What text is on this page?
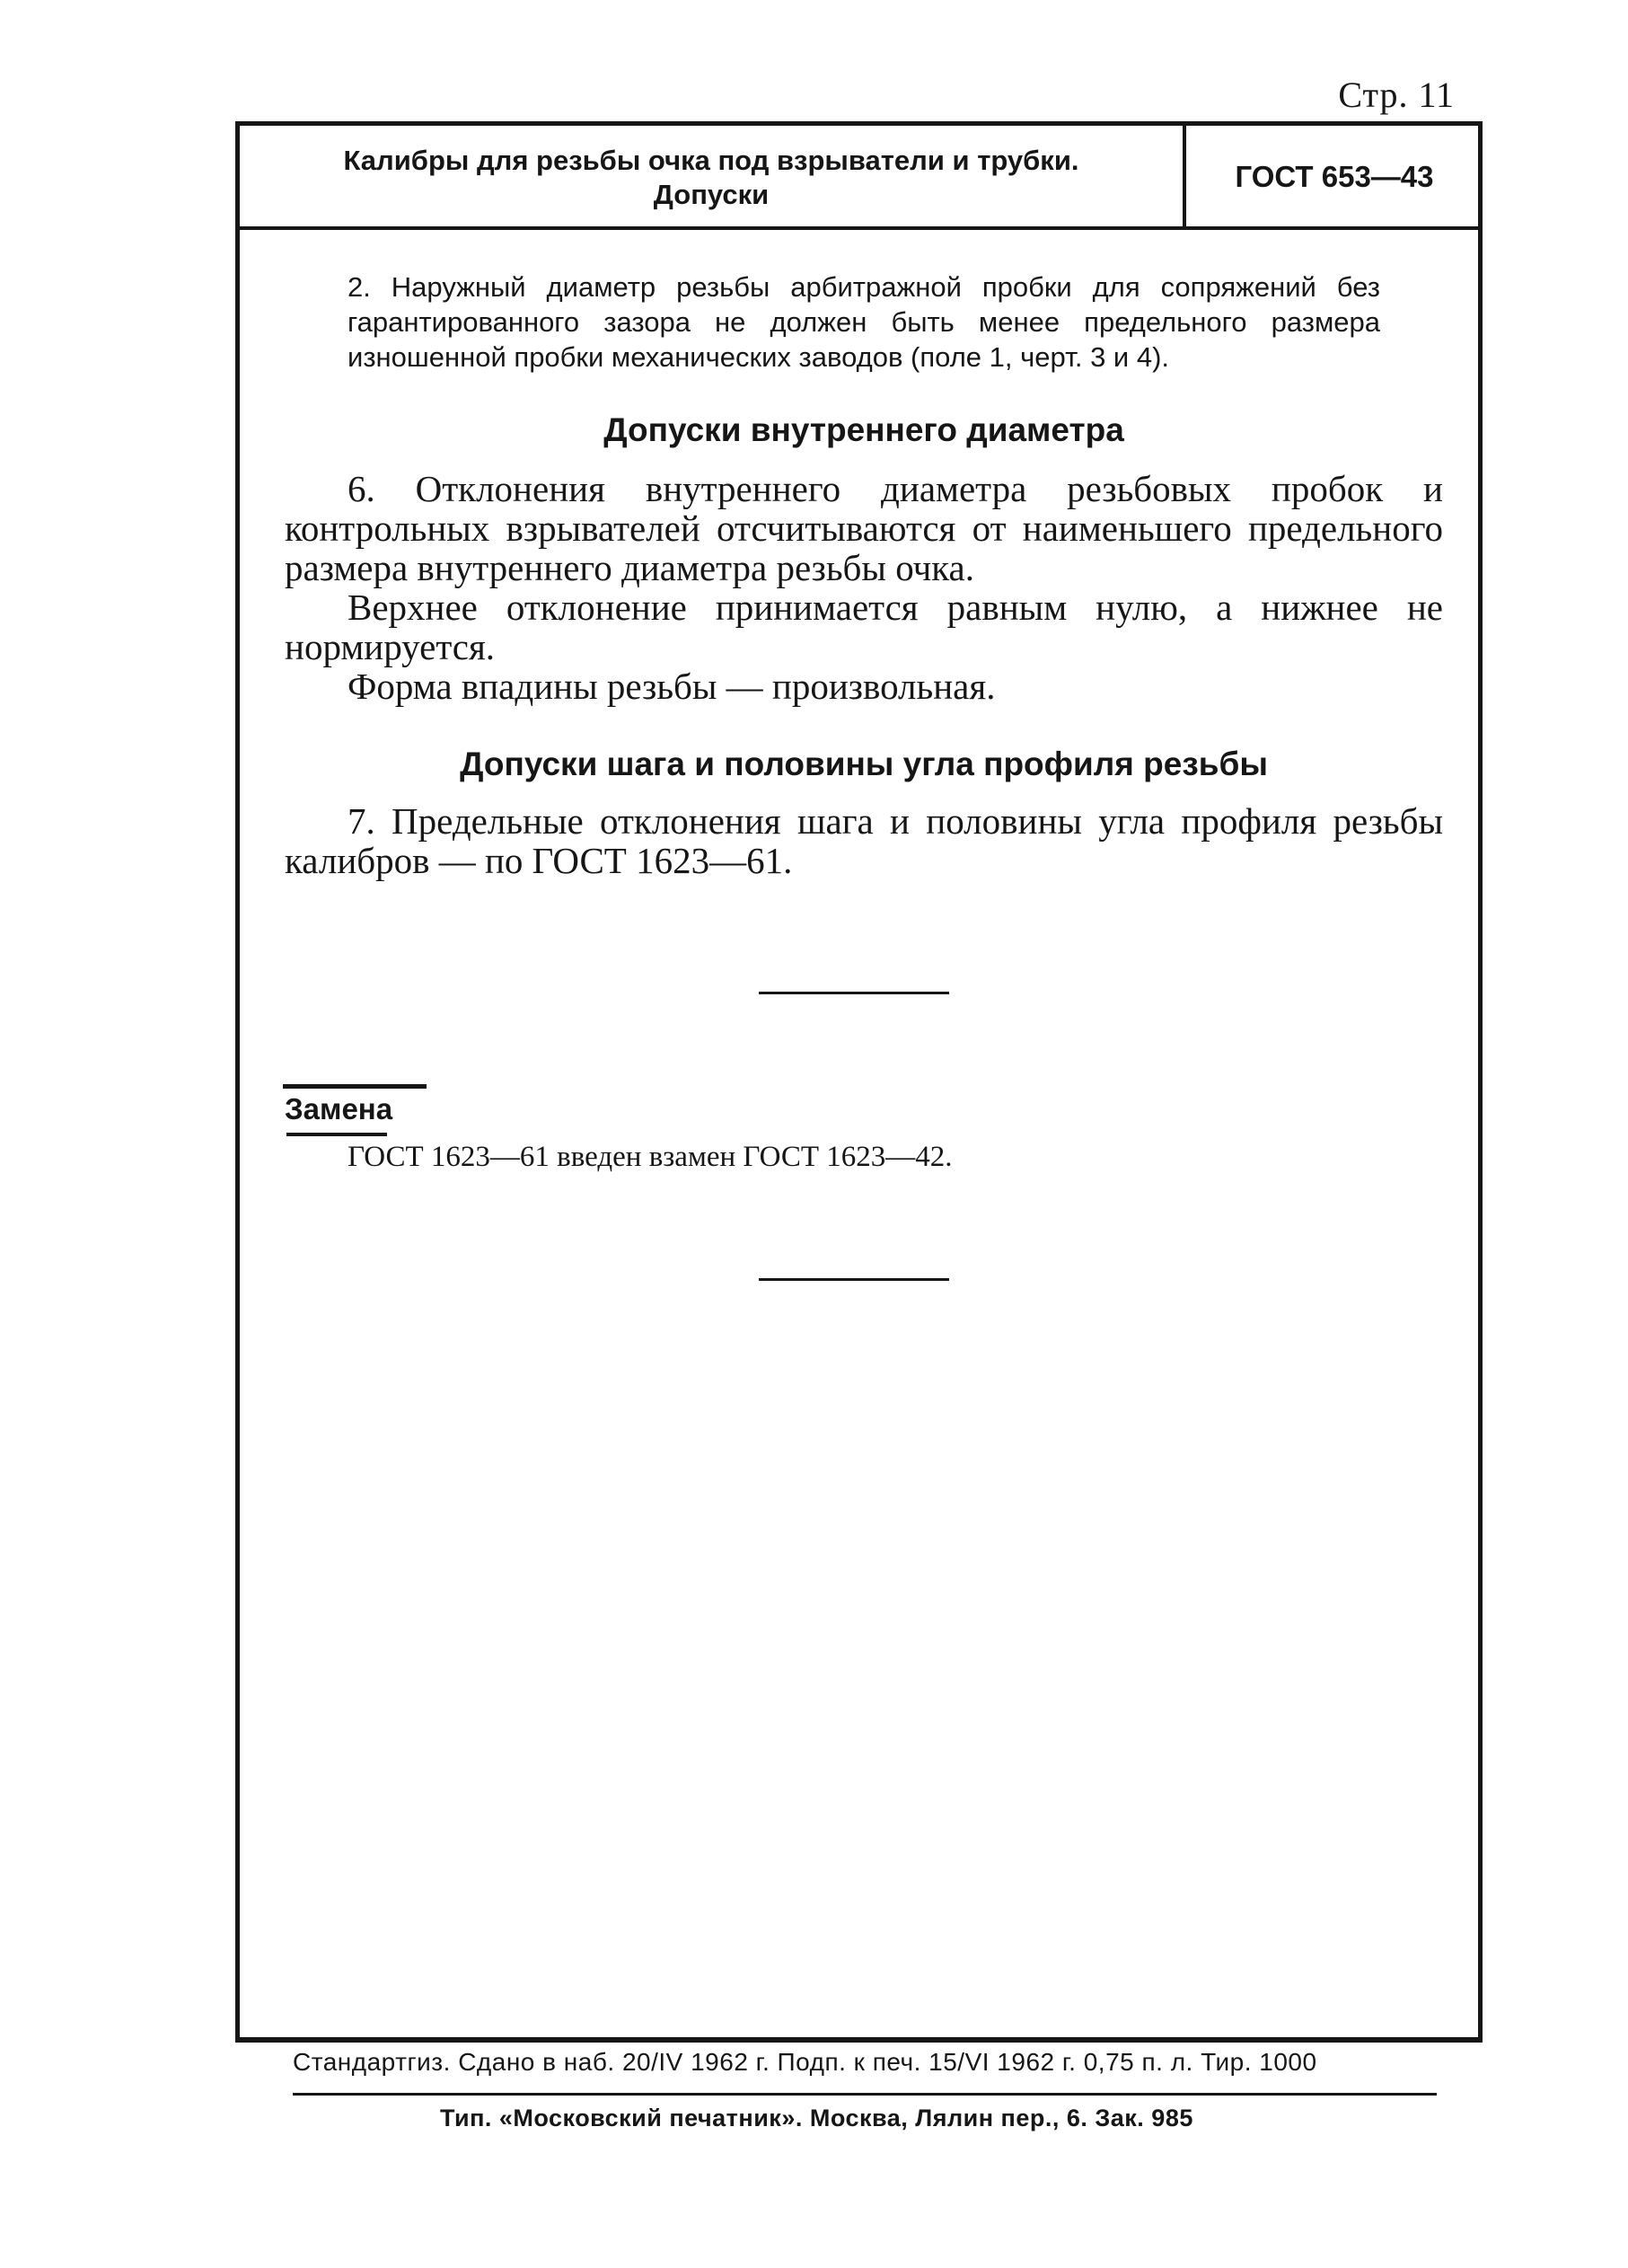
Стр. 11
Калибры для резьбы очка под взрыватели и трубки.
Допуски
ГОСТ 653—43

2. Наружный диаметр резьбы арбитражной пробки для сопряжений без гарантированного зазора не должен быть менее предельного размера изношенной пробки механических заводов (поле 1, черт. 3 и 4).

Допуски внутреннего диаметра

6. Отклонения внутреннего диаметра резьбовых пробок и контрольных взрывателей отсчитываются от наименьшего предельного размера внутреннего диаметра резьбы очка.

Верхнее отклонение принимается равным нулю, а нижнее не нормируется.

Форма впадины резьбы — произвольная.

Допуски шага и половины угла профиля резьбы

7. Предельные отклонения шага и половины угла профиля резьбы калибров — по ГОСТ 1623—61.

Замена
ГОСТ 1623—61 введен взамен ГОСТ 1623—42.
Стандартгиз. Сдано в наб. 20/IV 1962 г. Подп. к печ. 15/VI 1962 г. 0,75 п. л. Тир. 1000
Тип. «Московский печатник». Москва, Лялин пер., 6. Зак. 985
